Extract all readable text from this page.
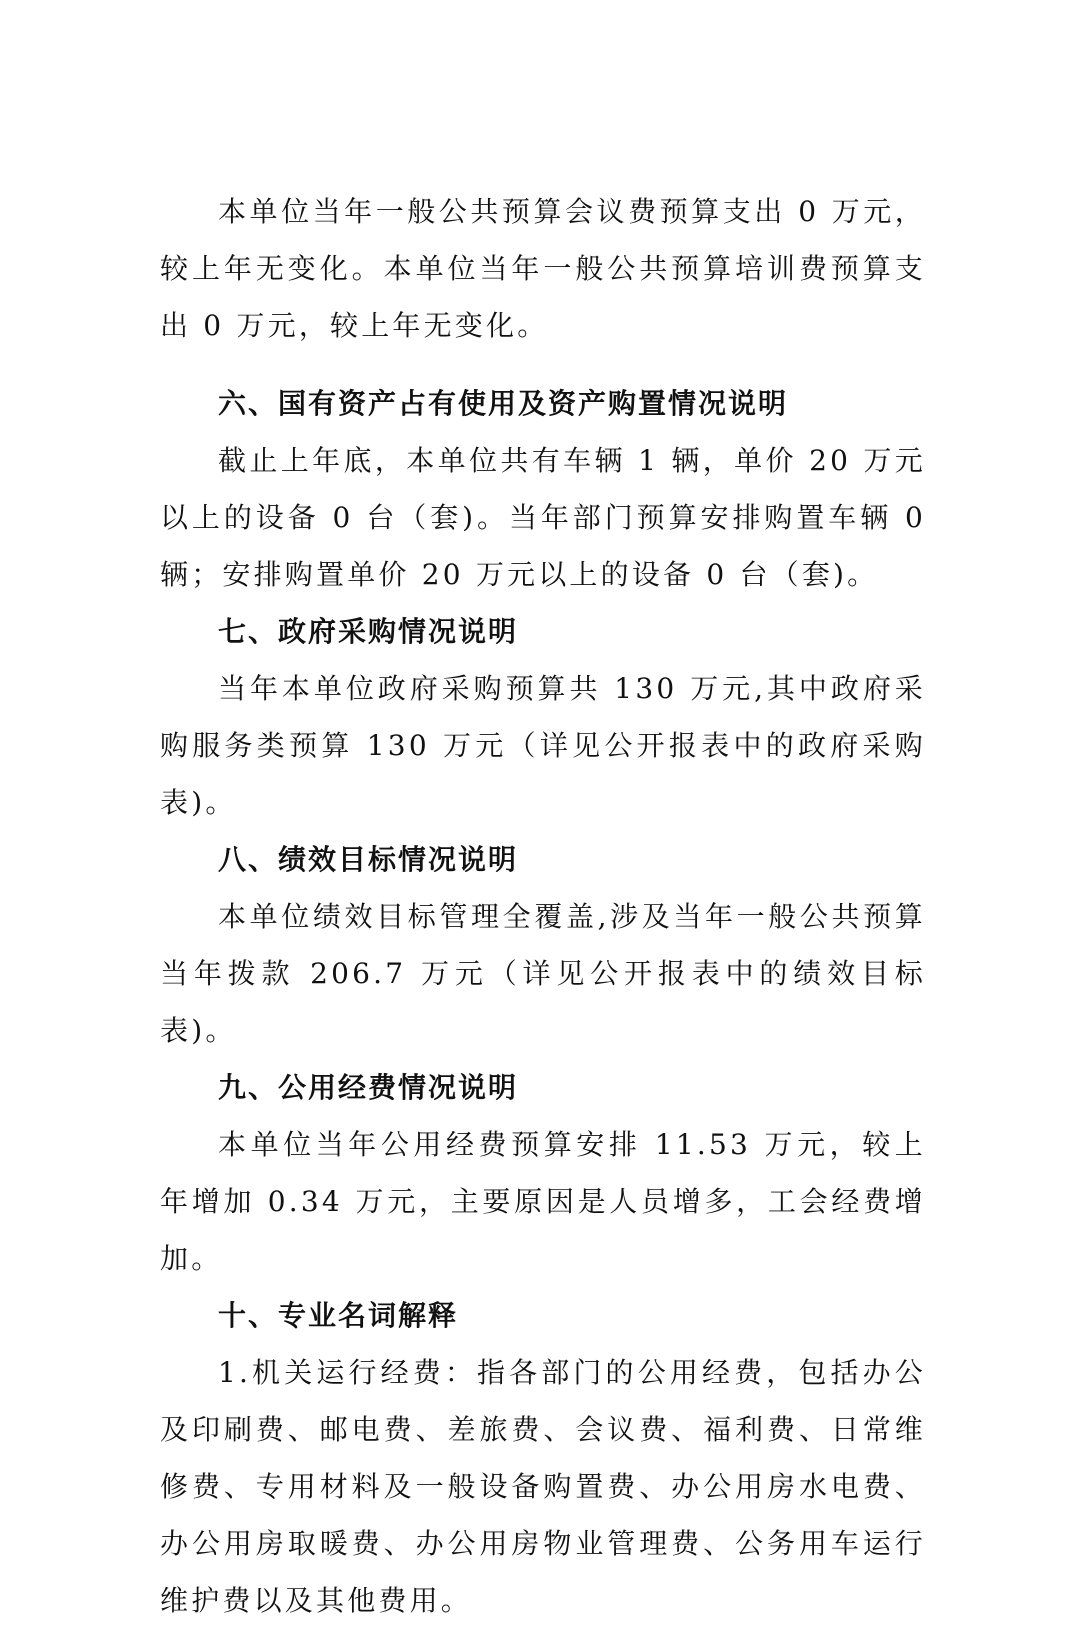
本单位当年一般公共预算会议费预算支出 0 万元，较上年无变化。本单位当年一般公共预算培训费预算支出 0 万元，较上年无变化。

六、国有资产占有使用及资产购置情况说明

截止上年底，本单位共有车辆 1 辆，单价 20 万元以上的设备 0 台（套)。当年部门预算安排购置车辆 0 辆；安排购置单价 20 万元以上的设备 0 台（套)。

七、政府采购情况说明

当年本单位政府采购预算共 130 万元,其中政府采购服务类预算 130 万元（详见公开报表中的政府采购表)。

八、绩效目标情况说明

本单位绩效目标管理全覆盖,涉及当年一般公共预算当年拨款 206.7 万元（详见公开报表中的绩效目标表)。

九、公用经费情况说明

本单位当年公用经费预算安排 11.53 万元，较上年增加 0.34 万元，主要原因是人员增多，工会经费增加。

十、专业名词解释

1.机关运行经费：指各部门的公用经费，包括办公及印刷费、邮电费、差旅费、会议费、福利费、日常维修费、专用材料及一般设备购置费、办公用房水电费、办公用房取暖费、办公用房物业管理费、公务用车运行维护费以及其他费用。
